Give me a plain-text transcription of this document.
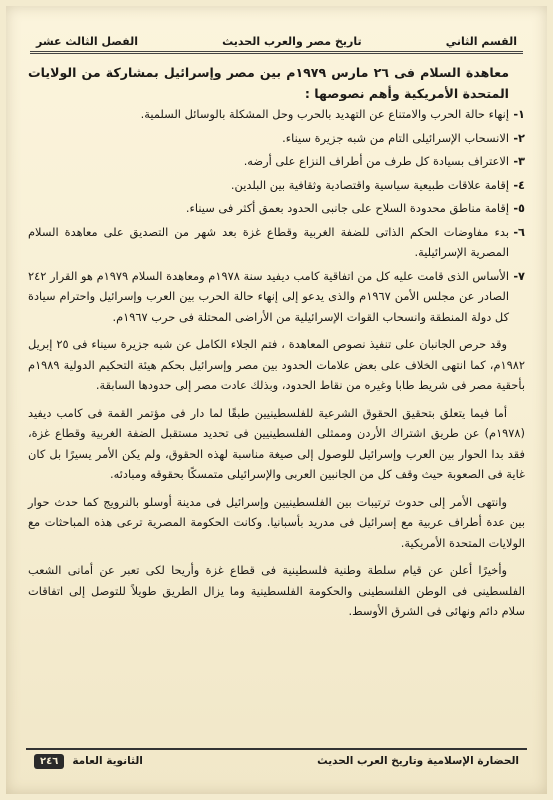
القسم الثاني
تاريخ مصر والعرب الحديث
الفصل الثالث عشر

معاهدة السلام فى ٢٦ مارس ١٩٧٩م بين مصر وإسرائيل بمشاركة من الولايات المتحدة الأمريكية وأهم نصوصها :

١-
إنهاء حالة الحرب والامتناع عن التهديد بالحرب وحل المشكلة بالوسائل السلمية.

٢-
الانسحاب الإسرائيلى التام من شبه جزيرة سيناء.

٣-
الاعتراف بسيادة كل طرف من أطراف النزاع على أرضه.

٤-
إقامة علاقات طبيعية سياسية واقتصادية وثقافية بين البلدين.

٥-
إقامة مناطق محدودة السلاح على جانبى الحدود بعمق أكثر فى سيناء.

٦-
بدء مفاوضات الحكم الذاتى للضفة الغربية وقطاع غزة بعد شهر من التصديق على معاهدة السلام المصرية الإسرائيلية.

٧-
الأساس الذى قامت عليه كل من اتفاقية كامب ديفيد سنة ١٩٧٨م ومعاهدة السلام ١٩٧٩م هو القرار ٢٤٢ الصادر عن مجلس الأمن ١٩٦٧م والذى يدعو إلى إنهاء حالة الحرب بين العرب وإسرائيل واحترام سيادة كل دولة المنطقة وانسحاب القوات الإسرائيلية من الأراضى المحتلة فى حرب ١٩٦٧م.

وقد حرص الجانبان على تنفيذ نصوص المعاهدة ، فتم الجلاء الكامل عن شبه جزيرة سيناء فى ٢٥ إبريل ١٩٨٢م، كما انتهى الخلاف على بعض علامات الحدود بين مصر وإسرائيل بحكم هيئة التحكيم الدولية ١٩٨٩م بأحقية مصر فى شريط طابا وغيره من نقاط الحدود، وبذلك عادت مصر إلى حدودها السابقة.

أما فيما يتعلق بتحقيق الحقوق الشرعية للفلسطينيين طبقًا لما دار فى مؤتمر القمة فى كامب ديفيد (١٩٧٨م) عن طريق اشتراك الأردن وممثلى الفلسطينيين فى تحديد مستقبل الضفة الغربية وقطاع غزة، فقد بدا الحوار بين العرب وإسرائيل للوصول إلى صيغة مناسبة لهذه الحقوق، ولم يكن الأمر يسيرًا بل كان غاية فى الصعوبة حيث وقف كل من الجانبين العربى والإسرائيلى متمسكًا بحقوقه ومبادئه.

وانتهى الأمر إلى حدوث ترتيبات بين الفلسطينيين وإسرائيل فى مدينة أوسلو بالنرويج كما حدث حوار بين عدة أطراف عربية مع إسرائيل فى مدريد بأسبانيا. وكانت الحكومة المصرية ترعى هذه المباحثات مع الولايات المتحدة الأمريكية.

وأخيرًا أعلن عن قيام سلطة وطنية فلسطينية فى قطاع غزة وأريحا لكى تعبر عن أمانى الشعب الفلسطينى فى الوطن الفلسطينى والحكومة الفلسطينية وما يزال الطريق طويلاً للتوصل إلى اتفاقات سلام دائم ونهائى فى الشرق الأوسط.

الحضارة الإسلامية وتاريخ العرب الحديث
الثانوية العامة
٢٤٦
